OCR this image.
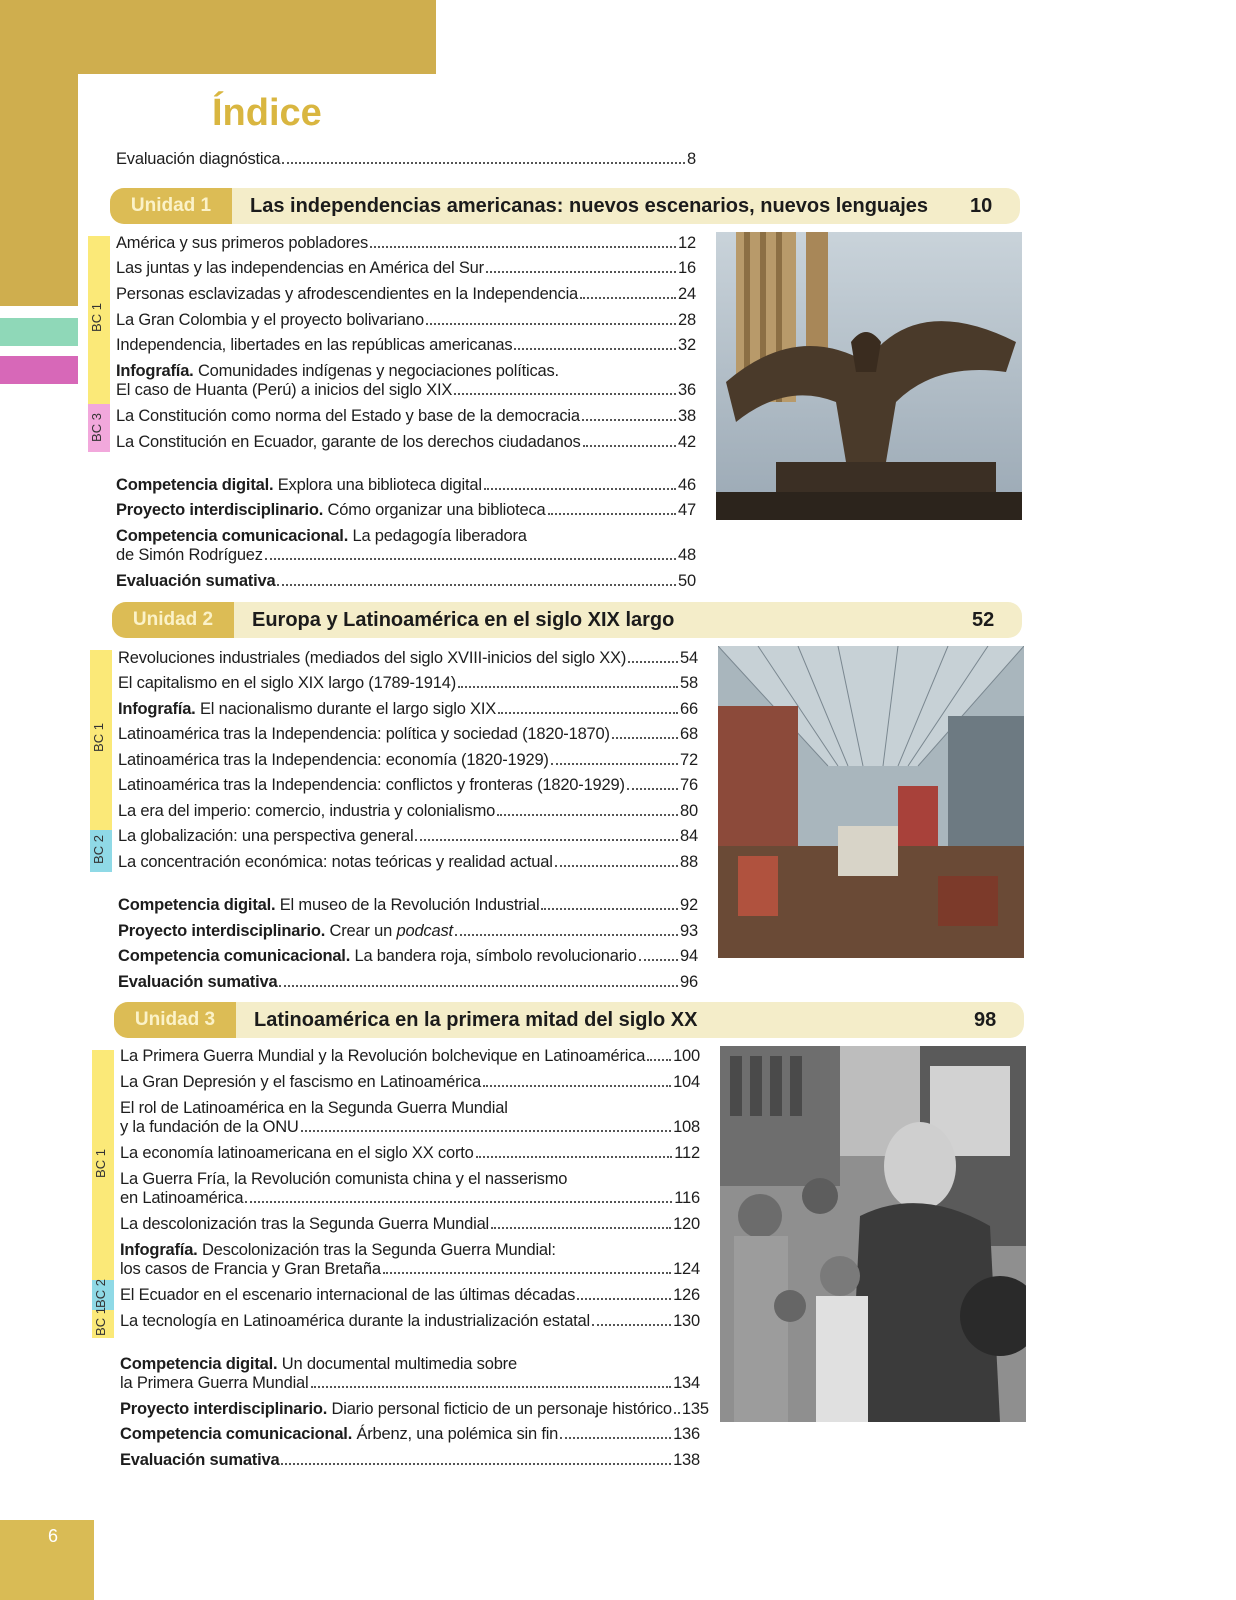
6
Índice
Evaluación diagnóstica	8
Unidad 1	Las independencias americanas: nuevos escenarios, nuevos lenguajes 10
BC 1
BC 3
América y sus primeros pobladores	12
Las juntas y las independencias en América del Sur	16
Personas esclavizadas y afrodescendientes en la Independencia	24
La Gran Colombia y el proyecto bolivariano	28
Independencia, libertades en las repúblicas americanas	32
Infografía. Comunidades indígenas y negociaciones políticas.
El caso de Huanta (Perú) a inicios del siglo XIX	36
La Constitución como norma del Estado y base de la democracia	38
La Constitución en Ecuador, garante de los derechos ciudadanos	42
Competencia digital. Explora una biblioteca digital	46
Proyecto interdisciplinario. Cómo organizar una biblioteca	47
Competencia comunicacional. La pedagogía liberadora
de Simón Rodríguez	48
Evaluación sumativa	50
Unidad 2	Europa y Latinoamérica en el siglo XIX largo	52
BC 1
BC 2
Revoluciones industriales (mediados del siglo XVIII-inicios del siglo XX)	54
El capitalismo en el siglo XIX largo (1789-1914)	58
Infografía. El nacionalismo durante el largo siglo XIX	66
Latinoamérica tras la Independencia: política y sociedad (1820-1870)	68
Latinoamérica tras la Independencia: economía (1820-1929)	72
Latinoamérica tras la Independencia: conflictos y fronteras (1820-1929)	76
La era del imperio: comercio, industria y colonialismo	80
La globalización: una perspectiva general	84
La concentración económica: notas teóricas y realidad actual	88
Competencia digital. El museo de la Revolución Industrial	92
Proyecto interdisciplinario. Crear un podcast	93
Competencia comunicacional. La bandera roja, símbolo revolucionario	94
Evaluación sumativa	96
Unidad 3	Latinoamérica en la primera mitad del siglo XX	98
BC 1
BC 2
BC 1
La Primera Guerra Mundial y la Revolución bolchevique en Latinoamérica 100
La Gran Depresión y el fascismo en Latinoamérica	104
El rol de Latinoamérica en la Segunda Guerra Mundial
y la fundación de la ONU	108
La economía latinoamericana en el siglo XX corto	112
La Guerra Fría, la Revolución comunista china y el nasserismo
en Latinoamérica	116
La descolonización tras la Segunda Guerra Mundial	120
Infografía. Descolonización tras la Segunda Guerra Mundial:
los casos de Francia y Gran Bretaña	124
El Ecuador en el escenario internacional de las últimas décadas	126
La tecnología en Latinoamérica durante la industrialización estatal	130
Competencia digital. Un documental multimedia sobre
la Primera Guerra Mundial	134
Proyecto interdisciplinario. Diario personal ficticio de un personaje histórico 135
Competencia comunicacional. Árbenz, una polémica sin fin	136
Evaluación sumativa	138
